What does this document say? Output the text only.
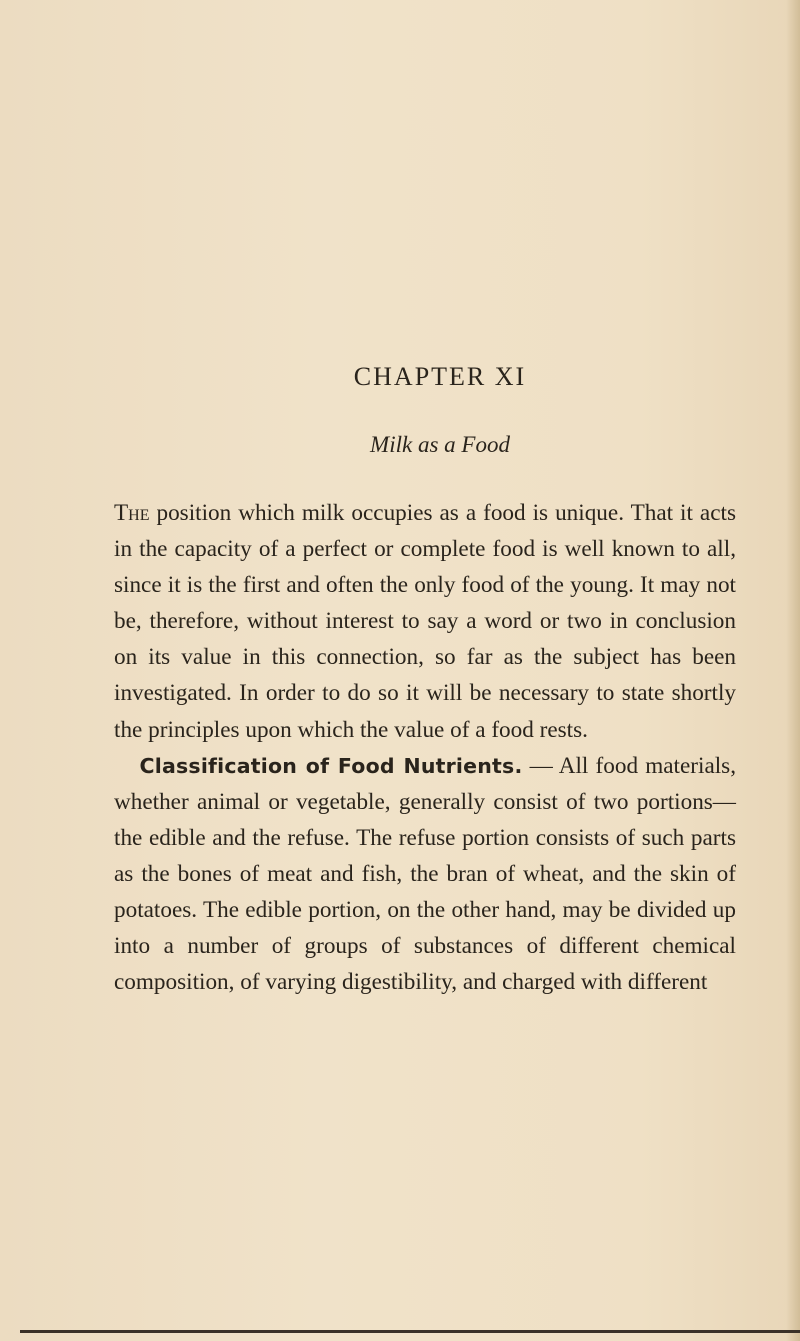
CHAPTER XI
Milk as a Food

The position which milk occupies as a food is unique. That it acts in the capacity of a perfect or complete food is well known to all, since it is the first and often the only food of the young. It may not be, therefore, without interest to say a word or two in conclusion on its value in this connection, so far as the subject has been investigated. In order to do so it will be necessary to state shortly the principles upon which the value of a food rests.

Classification of Food Nutrients. — All food materials, whether animal or vegetable, generally consist of two portions—the edible and the refuse. The refuse portion consists of such parts as the bones of meat and fish, the bran of wheat, and the skin of potatoes. The edible portion, on the other hand, may be divided up into a number of groups of substances of different chemical composition, of varying digestibility, and charged with different
